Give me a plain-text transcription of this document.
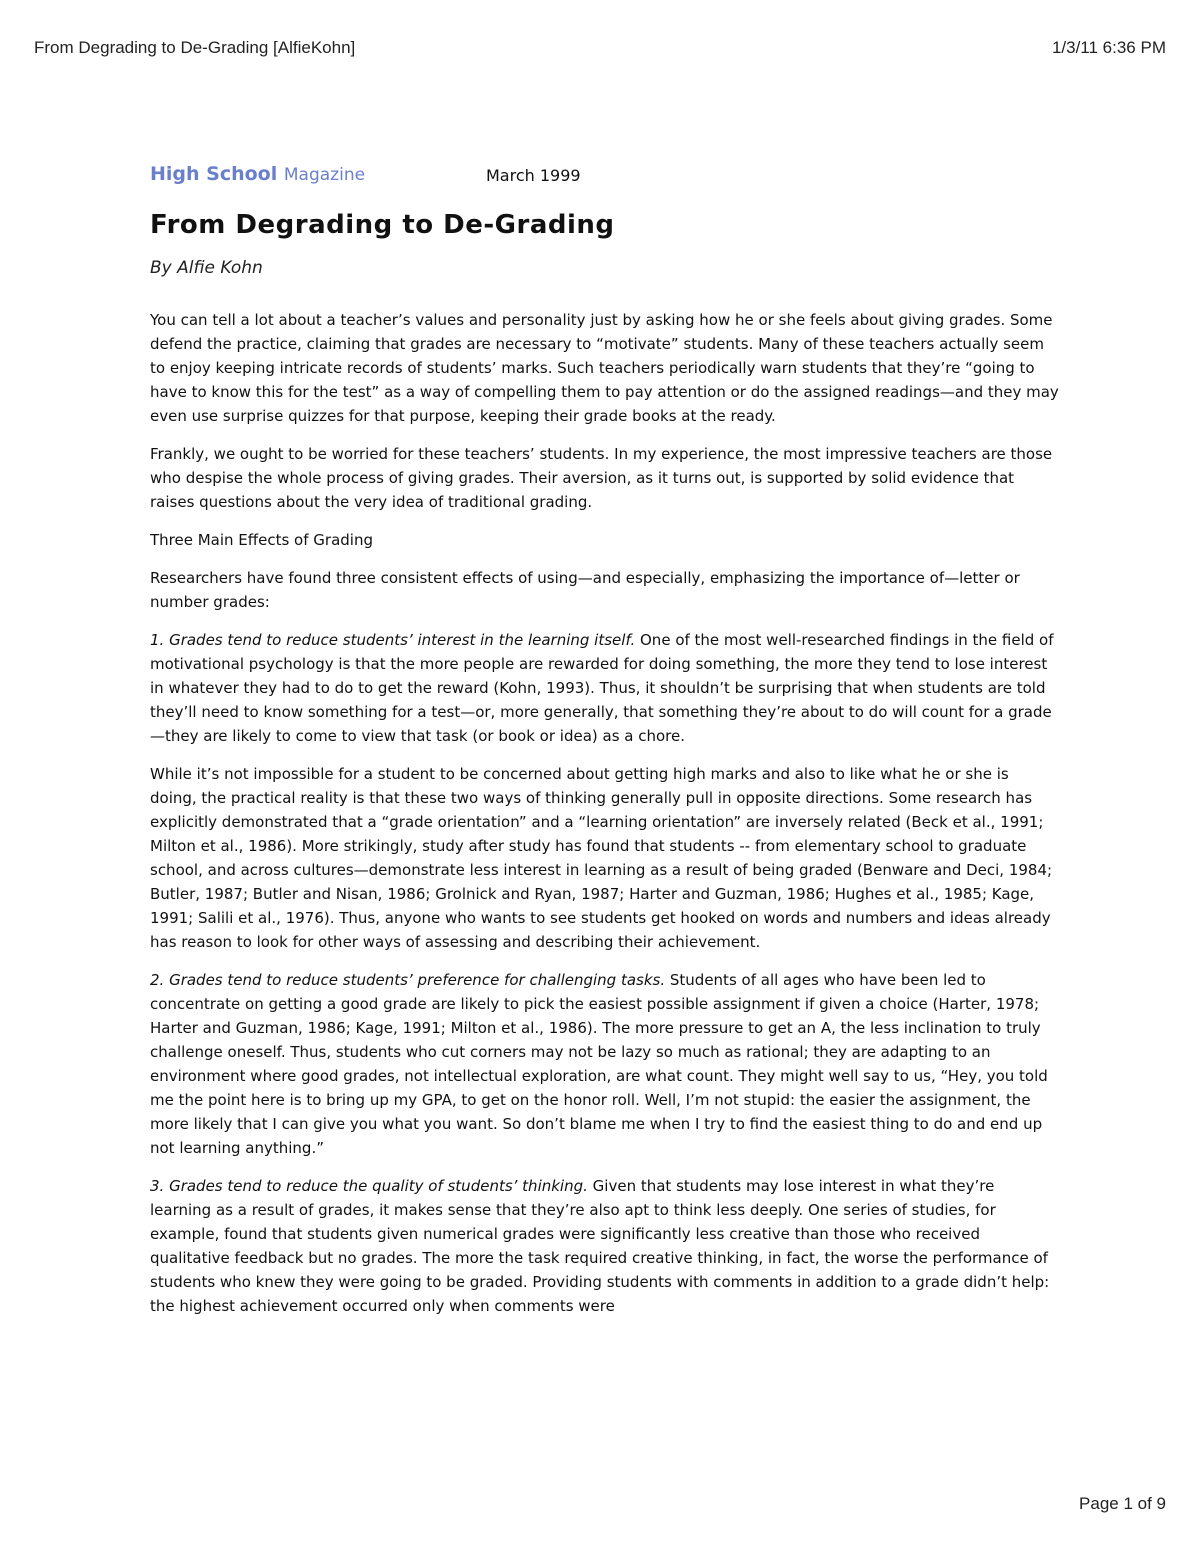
From Degrading to De-Grading [AlfieKohn]	1/3/11 6:36 PM
High School Magazine	March 1999
From Degrading to De-Grading
By Alfie Kohn

You can tell a lot about a teacher’s values and personality just by asking how he or she feels about giving grades. Some defend the practice, claiming that grades are necessary to “motivate” students. Many of these teachers actually seem to enjoy keeping intricate records of students’ marks. Such teachers periodically warn students that they’re “going to have to know this for the test” as a way of compelling them to pay attention or do the assigned readings—and they may even use surprise quizzes for that purpose, keeping their grade books at the ready.

Frankly, we ought to be worried for these teachers’ students. In my experience, the most impressive teachers are those who despise the whole process of giving grades. Their aversion, as it turns out, is supported by solid evidence that raises questions about the very idea of traditional grading.

Three Main Effects of Grading

Researchers have found three consistent effects of using—and especially, emphasizing the importance of—letter or number grades:

1. Grades tend to reduce students’ interest in the learning itself. One of the most well-researched findings in the field of motivational psychology is that the more people are rewarded for doing something, the more they tend to lose interest in whatever they had to do to get the reward (Kohn, 1993). Thus, it shouldn’t be surprising that when students are told they’ll need to know something for a test—or, more generally, that something they’re about to do will count for a grade—they are likely to come to view that task (or book or idea) as a chore.

While it’s not impossible for a student to be concerned about getting high marks and also to like what he or she is doing, the practical reality is that these two ways of thinking generally pull in opposite directions. Some research has explicitly demonstrated that a “grade orientation” and a “learning orientation” are inversely related (Beck et al., 1991; Milton et al., 1986). More strikingly, study after study has found that students -- from elementary school to graduate school, and across cultures—demonstrate less interest in learning as a result of being graded (Benware and Deci, 1984; Butler, 1987; Butler and Nisan, 1986; Grolnick and Ryan, 1987; Harter and Guzman, 1986; Hughes et al., 1985; Kage, 1991; Salili et al., 1976). Thus, anyone who wants to see students get hooked on words and numbers and ideas already has reason to look for other ways of assessing and describing their achievement.

2. Grades tend to reduce students’ preference for challenging tasks. Students of all ages who have been led to concentrate on getting a good grade are likely to pick the easiest possible assignment if given a choice (Harter, 1978; Harter and Guzman, 1986; Kage, 1991; Milton et al., 1986). The more pressure to get an A, the less inclination to truly challenge oneself. Thus, students who cut corners may not be lazy so much as rational; they are adapting to an environment where good grades, not intellectual exploration, are what count. They might well say to us, “Hey, you told me the point here is to bring up my GPA, to get on the honor roll. Well, I’m not stupid: the easier the assignment, the more likely that I can give you what you want. So don’t blame me when I try to find the easiest thing to do and end up not learning anything.”

3. Grades tend to reduce the quality of students’ thinking. Given that students may lose interest in what they’re learning as a result of grades, it makes sense that they’re also apt to think less deeply. One series of studies, for example, found that students given numerical grades were significantly less creative than those who received qualitative feedback but no grades. The more the task required creative thinking, in fact, the worse the performance of students who knew they were going to be graded. Providing students with comments in addition to a grade didn’t help: the highest achievement occurred only when comments were

Page 1 of 9
